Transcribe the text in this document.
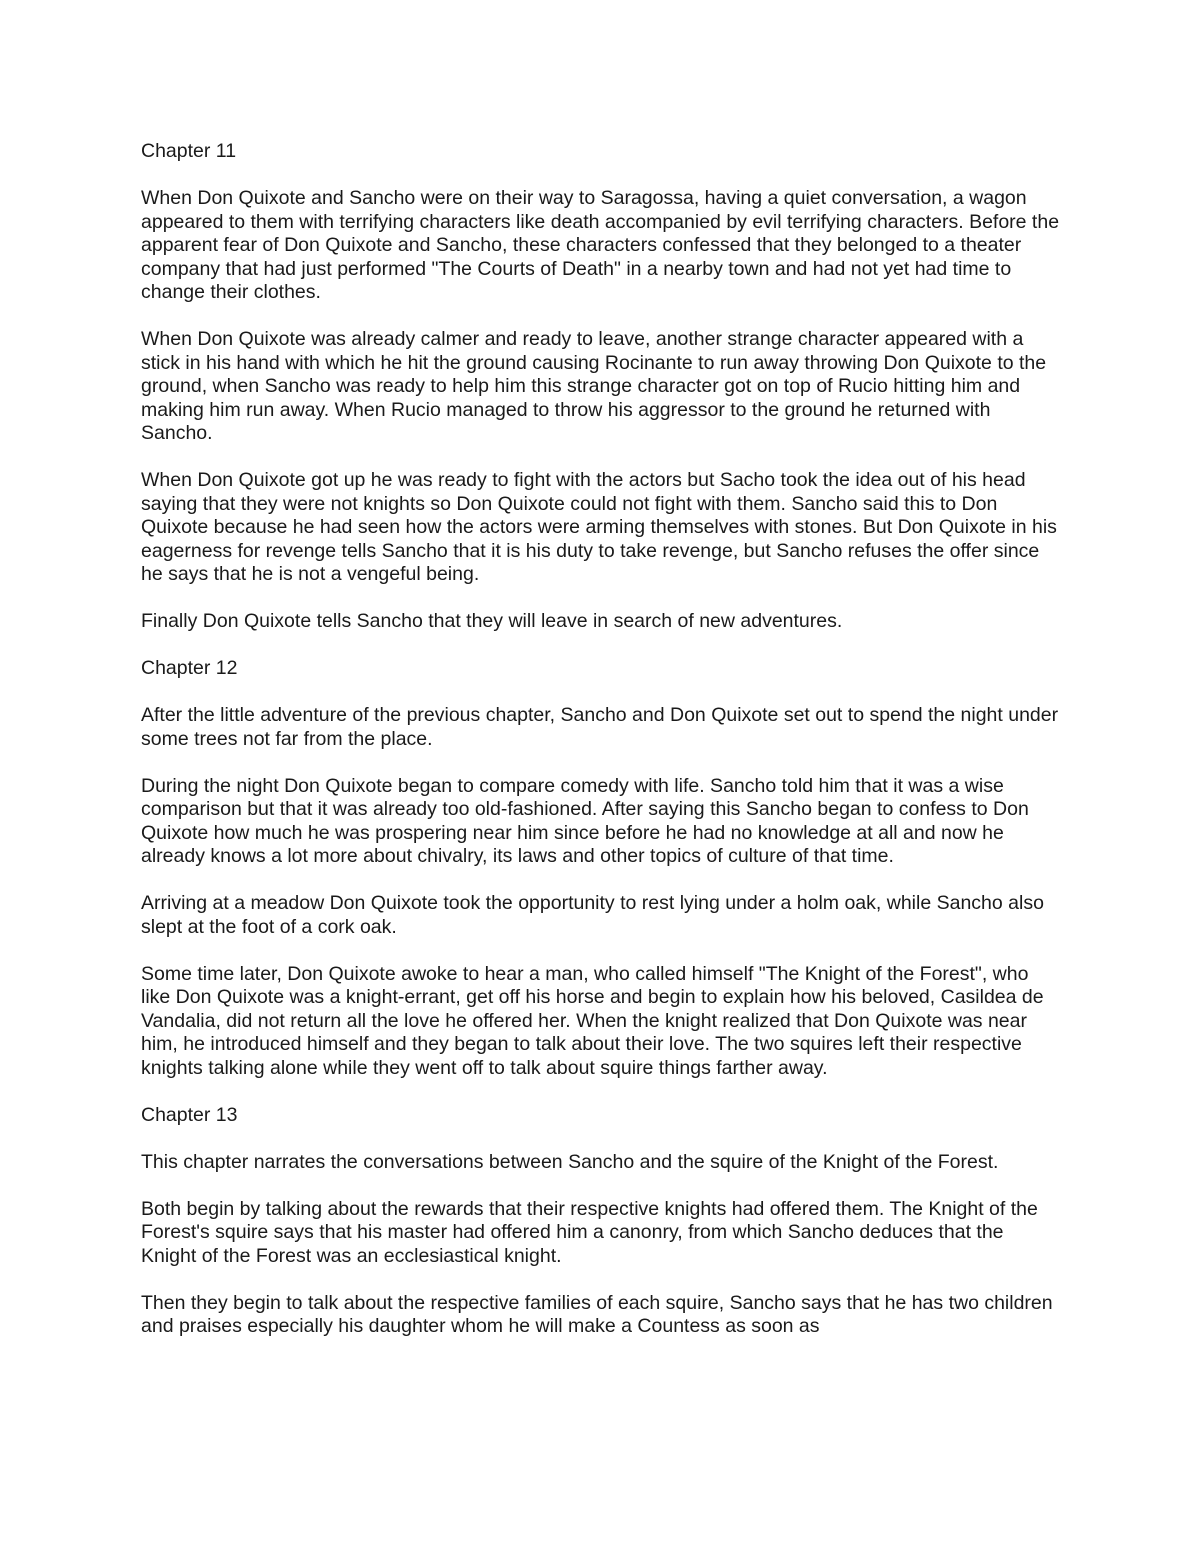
Chapter 11

When Don Quixote and Sancho were on their way to Saragossa, having a quiet conversation, a wagon appeared to them with terrifying characters like death accompanied by evil terrifying characters. Before the apparent fear of Don Quixote and Sancho, these characters confessed that they belonged to a theater company that had just performed "The Courts of Death" in a nearby town and had not yet had time to change their clothes.

When Don Quixote was already calmer and ready to leave, another strange character appeared with a stick in his hand with which he hit the ground causing Rocinante to run away throwing Don Quixote to the ground, when Sancho was ready to help him this strange character got on top of Rucio hitting him and making him run away. When Rucio managed to throw his aggressor to the ground he returned with Sancho.

When Don Quixote got up he was ready to fight with the actors but Sacho took the idea out of his head saying that they were not knights so Don Quixote could not fight with them. Sancho said this to Don Quixote because he had seen how the actors were arming themselves with stones. But Don Quixote in his eagerness for revenge tells Sancho that it is his duty to take revenge, but Sancho refuses the offer since he says that he is not a vengeful being.

Finally Don Quixote tells Sancho that they will leave in search of new adventures.

Chapter 12

After the little adventure of the previous chapter, Sancho and Don Quixote set out to spend the night under some trees not far from the place.

During the night Don Quixote began to compare comedy with life. Sancho told him that it was a wise comparison but that it was already too old-fashioned. After saying this Sancho began to confess to Don Quixote how much he was prospering near him since before he had no knowledge at all and now he already knows a lot more about chivalry, its laws and other topics of culture of that time.

Arriving at a meadow Don Quixote took the opportunity to rest lying under a holm oak, while Sancho also slept at the foot of a cork oak.

Some time later, Don Quixote awoke to hear a man, who called himself "The Knight of the Forest", who like Don Quixote was a knight-errant, get off his horse and begin to explain how his beloved, Casildea de Vandalia, did not return all the love he offered her. When the knight realized that Don Quixote was near him, he introduced himself and they began to talk about their love. The two squires left their respective knights talking alone while they went off to talk about squire things farther away.

Chapter 13

This chapter narrates the conversations between Sancho and the squire of the Knight of the Forest.

Both begin by talking about the rewards that their respective knights had offered them. The Knight of the Forest's squire says that his master had offered him a canonry, from which Sancho deduces that the Knight of the Forest was an ecclesiastical knight.

Then they begin to talk about the respective families of each squire, Sancho says that he has two children and praises especially his daughter whom he will make a Countess as soon as
